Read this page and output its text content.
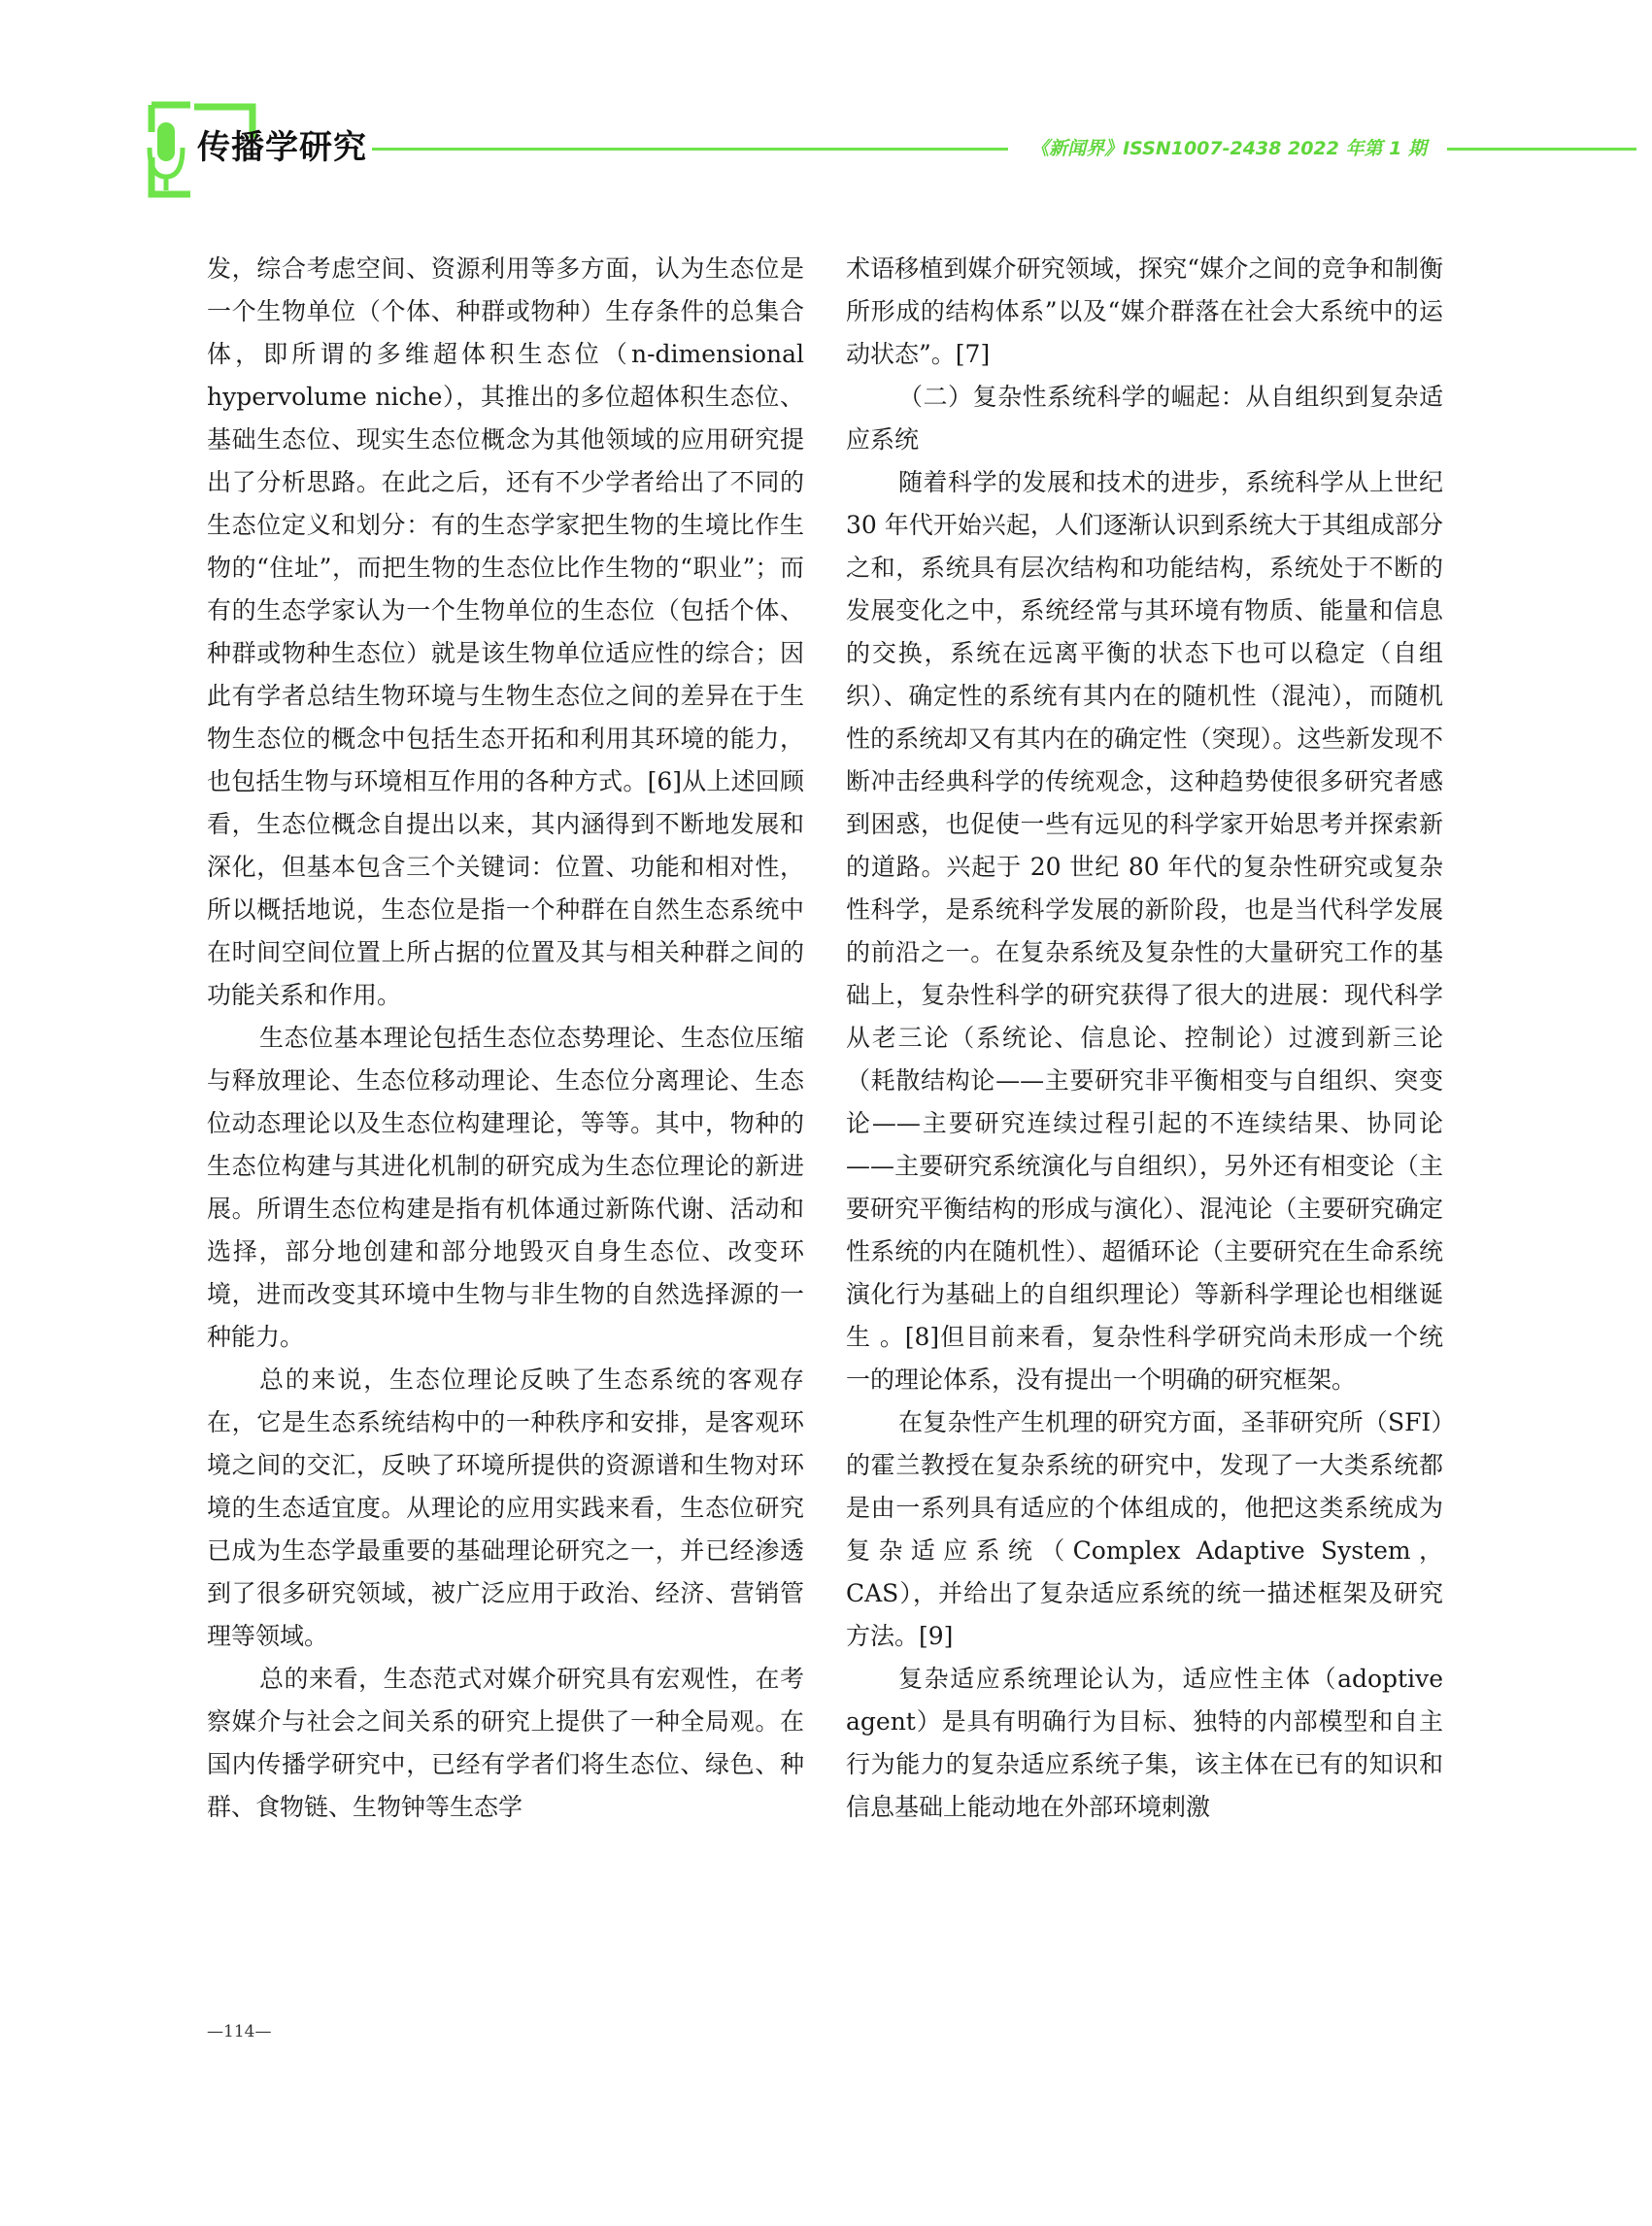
传播学研究	《新闻界》ISSN1007-2438 2022 年第 1 期

发，综合考虑空间、资源利用等多方面，认为生态位是一个生物单位（个体、种群或物种）生存条件的总集合体，即所谓的多维超体积生态位（n-dimensional hypervolume niche），其推出的多位超体积生态位、基础生态位、现实生态位概念为其他领域的应用研究提出了分析思路。在此之后，还有不少学者给出了不同的生态位定义和划分：有的生态学家把生物的生境比作生物的“住址”，而把生物的生态位比作生物的“职业”；而有的生态学家认为一个生物单位的生态位（包括个体、种群或物种生态位）就是该生物单位适应性的综合；因此有学者总结生物环境与生物生态位之间的差异在于生物生态位的概念中包括生态开拓和利用其环境的能力，也包括生物与环境相互作用的各种方式。[6]从上述回顾看，生态位概念自提出以来，其内涵得到不断地发展和深化，但基本包含三个关键词：位置、功能和相对性，所以概括地说，生态位是指一个种群在自然生态系统中在时间空间位置上所占据的位置及其与相关种群之间的功能关系和作用。

生态位基本理论包括生态位态势理论、生态位压缩与释放理论、生态位移动理论、生态位分离理论、生态位动态理论以及生态位构建理论，等等。其中，物种的生态位构建与其进化机制的研究成为生态位理论的新进展。所谓生态位构建是指有机体通过新陈代谢、活动和选择，部分地创建和部分地毁灭自身生态位、改变环境，进而改变其环境中生物与非生物的自然选择源的一种能力。

总的来说，生态位理论反映了生态系统的客观存在，它是生态系统结构中的一种秩序和安排，是客观环境之间的交汇，反映了环境所提供的资源谱和生物对环境的生态适宜度。从理论的应用实践来看，生态位研究已成为生态学最重要的基础理论研究之一，并已经渗透到了很多研究领域，被广泛应用于政治、经济、营销管理等领域。

总的来看，生态范式对媒介研究具有宏观性，在考察媒介与社会之间关系的研究上提供了一种全局观。在国内传播学研究中，已经有学者们将生态位、绿色、种群、食物链、生物钟等生态学

术语移植到媒介研究领域，探究“媒介之间的竞争和制衡所形成的结构体系”以及“媒介群落在社会大系统中的运动状态”。[7]

（二）复杂性系统科学的崛起：从自组织到复杂适应系统

随着科学的发展和技术的进步，系统科学从上世纪 30 年代开始兴起，人们逐渐认识到系统大于其组成部分之和，系统具有层次结构和功能结构，系统处于不断的发展变化之中，系统经常与其环境有物质、能量和信息的交换，系统在远离平衡的状态下也可以稳定（自组织）、确定性的系统有其内在的随机性（混沌），而随机性的系统却又有其内在的确定性（突现）。这些新发现不断冲击经典科学的传统观念，这种趋势使很多研究者感到困惑，也促使一些有远见的科学家开始思考并探索新的道路。兴起于 20 世纪 80 年代的复杂性研究或复杂性科学，是系统科学发展的新阶段，也是当代科学发展的前沿之一。在复杂系统及复杂性的大量研究工作的基础上，复杂性科学的研究获得了很大的进展：现代科学从老三论（系统论、信息论、控制论）过渡到新三论（耗散结构论——主要研究非平衡相变与自组织、突变论——主要研究连续过程引起的不连续结果、协同论——主要研究系统演化与自组织），另外还有相变论（主要研究平衡结构的形成与演化）、混沌论（主要研究确定性系统的内在随机性）、超循环论（主要研究在生命系统演化行为基础上的自组织理论）等新科学理论也相继诞生 。[8]但目前来看，复杂性科学研究尚未形成一个统一的理论体系，没有提出一个明确的研究框架。

在复杂性产生机理的研究方面，圣菲研究所（SFI）的霍兰教授在复杂系统的研究中，发现了一大类系统都是由一系列具有适应的个体组成的，他把这类系统成为复杂适应系统（Complex Adaptive System，CAS），并给出了复杂适应系统的统一描述框架及研究方法。[9]

复杂适应系统理论认为，适应性主体（adoptive agent）是具有明确行为目标、独特的内部模型和自主行为能力的复杂适应系统子集，该主体在已有的知识和信息基础上能动地在外部环境刺激

—114—
